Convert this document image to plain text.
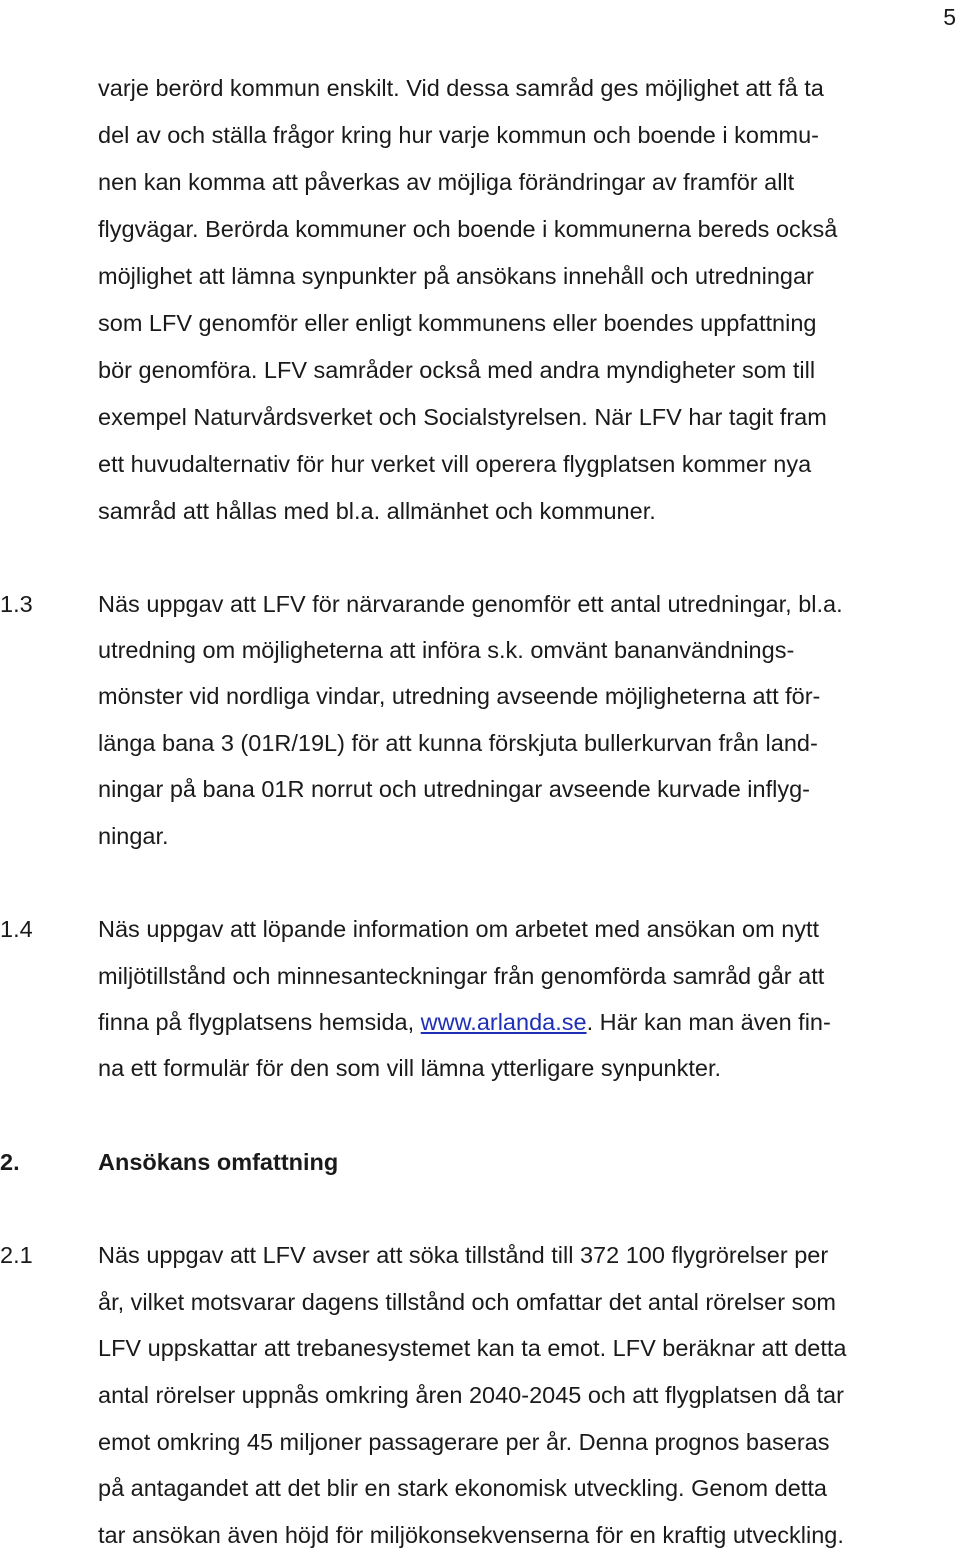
5
varje berörd kommun enskilt. Vid dessa samråd ges möjlighet att få ta
del av och ställa frågor kring hur varje kommun och boende i kommu-
nen kan komma att påverkas av möjliga förändringar av framför allt
flygvägar. Berörda kommuner och boende i kommunerna bereds också
möjlighet att lämna synpunkter på ansökans innehåll och utredningar
som LFV genomför eller enligt kommunens eller boendes uppfattning
bör genomföra. LFV samråder också med andra myndigheter som till
exempel Naturvårdsverket och Socialstyrelsen. När LFV har tagit fram
ett huvudalternativ för hur verket vill operera flygplatsen kommer nya
samråd att hållas med bl.a. allmänhet och kommuner.
1.3	Näs uppgav att LFV för närvarande genomför ett antal utredningar, bl.a.
utredning om möjligheterna att införa s.k. omvänt bananvändnings-
mönster vid nordliga vindar, utredning avseende möjligheterna att för-
länga bana 3 (01R/19L) för att kunna förskjuta bullerkurvan från land-
ningar på bana 01R norrut och utredningar avseende kurvade inflyg-
ningar.
1.4	Näs uppgav att löpande information om arbetet med ansökan om nytt
miljötillstånd och minnesanteckningar från genomförda samråd går att
finna på flygplatsens hemsida, www.arlanda.se. Här kan man även fin-
na ett formulär för den som vill lämna ytterligare synpunkter.
2.	Ansökans omfattning
2.1	Näs uppgav att LFV avser att söka tillstånd till 372 100 flygrörelser per
år, vilket motsvarar dagens tillstånd och omfattar det antal rörelser som
LFV uppskattar att trebanesystemet kan ta emot. LFV beräknar att detta
antal rörelser uppnås omkring åren 2040-2045 och att flygplatsen då tar
emot omkring 45 miljoner passagerare per år. Denna prognos baseras
på antagandet att det blir en stark ekonomisk utveckling. Genom detta
tar ansökan även höjd för miljökonsekvenserna för en kraftig utveckling.
